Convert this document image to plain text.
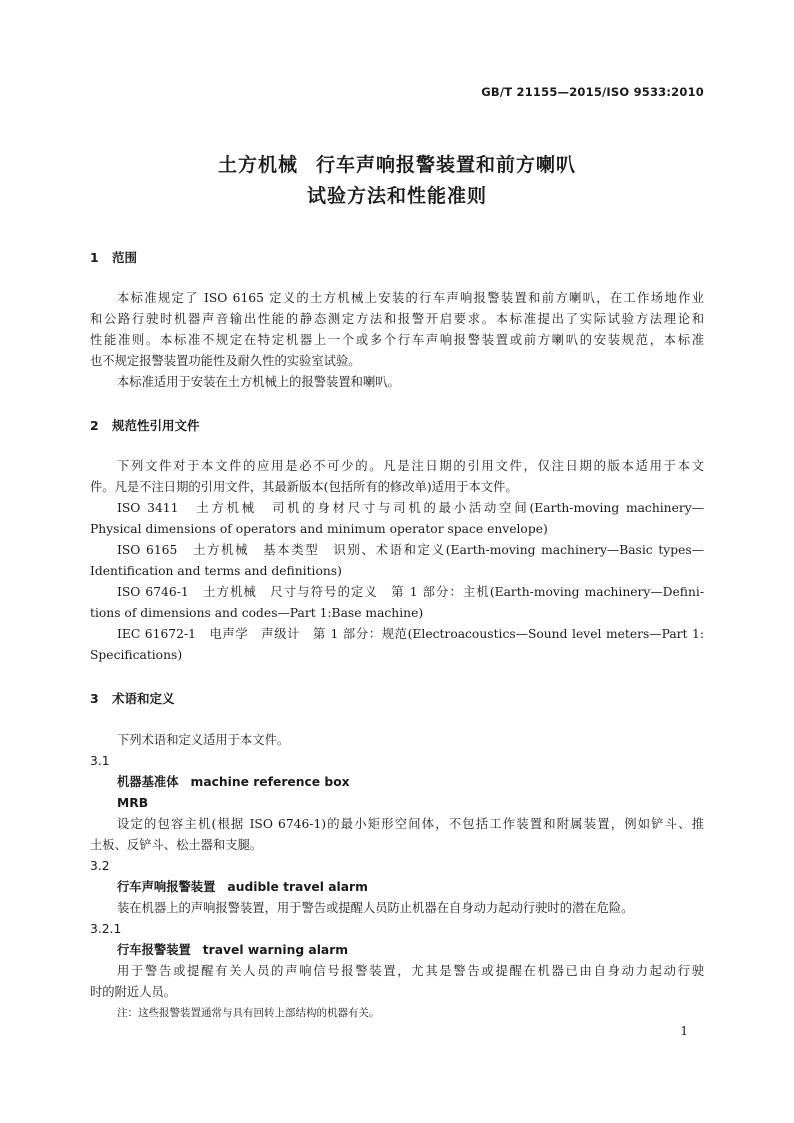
GB/T 21155—2015/ISO 9533:2010
土方机械 行车声响报警装置和前方喇叭
试验方法和性能准则
1 范围
本标准规定了 ISO 6165 定义的土方机械上安装的行车声响报警装置和前方喇叭，在工作场地作业
和公路行驶时机器声音输出性能的静态测定方法和报警开启要求。本标准提出了实际试验方法理论和
性能准则。本标准不规定在特定机器上一个或多个行车声响报警装置或前方喇叭的安装规范，本标准
也不规定报警装置功能性及耐久性的实验室试验。
本标准适用于安装在土方机械上的报警装置和喇叭。
2 规范性引用文件
下列文件对于本文件的应用是必不可少的。凡是注日期的引用文件，仅注日期的版本适用于本文
件。凡是不注日期的引用文件，其最新版本(包括所有的修改单)适用于本文件。
ISO 3411　土方机械　司机的身材尺寸与司机的最小活动空间(Earth-moving machinery—
Physical dimensions of operators and minimum operator space envelope)
ISO 6165　土方机械　基本类型　识别、术语和定义(Earth-moving machinery—Basic types—
Identification and terms and definitions)
ISO 6746-1　土方机械　尺寸与符号的定义　第 1 部分：主机(Earth-moving machinery—Defini-
tions of dimensions and codes—Part 1:Base machine)
IEC 61672-1　电声学　声级计　第 1 部分：规范(Electroacoustics—Sound level meters—Part 1:
Specifications)
3 术语和定义
下列术语和定义适用于本文件。
3.1
机器基准体 machine reference box
MRB
设定的包容主机(根据 ISO 6746-1)的最小矩形空间体，不包括工作装置和附属装置，例如铲斗、推
土板、反铲斗、松土器和支腿。
3.2
行车声响报警装置 audible travel alarm
装在机器上的声响报警装置，用于警告或提醒人员防止机器在自身动力起动行驶时的潜在危险。
3.2.1
行车报警装置 travel warning alarm
用于警告或提醒有关人员的声响信号报警装置，尤其是警告或提醒在机器已由自身动力起动行驶
时的附近人员。
注：这些报警装置通常与具有回转上部结构的机器有关。
1
